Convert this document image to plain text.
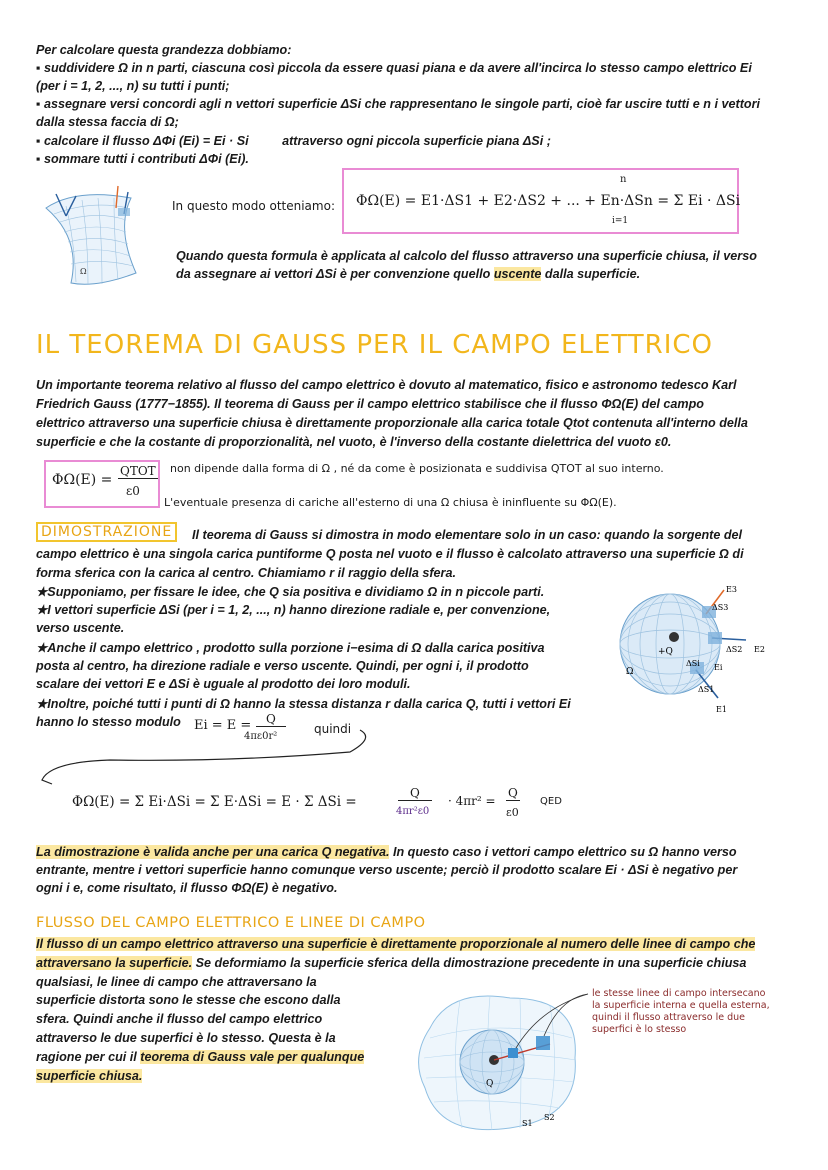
Per calcolare questa grandezza dobbiamo:
▪ suddividere Ω in n parti, ciascuna così piccola da essere quasi piana e da avere all'incirca lo stesso campo elettrico Ei
(per i = 1, 2, ..., n) su tutti i punti;
▪ assegnare versi concordi agli n vettori superficie ΔSi che rappresentano le singole parti, cioè far uscire tutti e n i vettori
dalla stessa faccia di Ω;
▪ calcolare il flusso ΔΦi (Ei) = Ei · Si	attraverso ogni piccola superficie piana ΔSi ;
▪ sommare tutti i contributi ΔΦi (Ei).
Ω
In questo modo otteniamo: ΦΩ(E) = E1·ΔS1 + E2·ΔS2 + ... + En·ΔSn = Σ Ei · ΔSi
n
i=1
Quando questa formula è applicata al calcolo del flusso attraverso una superficie chiusa, il verso
da assegnare ai vettori ΔSi è per convenzione quello uscente dalla superficie.
IL TEOREMA DI GAUSS PER IL CAMPO ELETTRICO
Un importante teorema relativo al flusso del campo elettrico è dovuto al matematico, fisico e astronomo tedesco Karl
Friedrich Gauss (1777−1855). Il teorema di Gauss per il campo elettrico stabilisce che il flusso ΦΩ(E) del campo
elettrico attraverso una superficie chiusa è direttamente proporzionale alla carica totale Qtot contenuta all'interno della
superficie e che la costante di proporzionalità, nel vuoto, è l'inverso della costante dielettrica del vuoto ε0.
ΦΩ(E) =
QTOT
ε0
non dipende dalla forma di Ω , né da come è posizionata e suddivisa QTOT al suo interno.
L'eventuale presenza di cariche all'esterno di una Ω chiusa è ininfluente su ΦΩ(E).
DIMOSTRAZIONE	Il teorema di Gauss si dimostra in modo elementare solo in un caso: quando la sorgente del
campo elettrico è una singola carica puntiforme Q posta nel vuoto e il flusso è calcolato attraverso una superficie Ω di
forma sferica con la carica al centro. Chiamiamo r il raggio della sfera.
★Supponiamo, per fissare le idee, che Q sia positiva e dividiamo Ω in n piccole parti.
★I vettori superficie ΔSi (per i = 1, 2, ..., n) hanno direzione radiale e, per convenzione,
verso uscente.
★Anche il campo elettrico , prodotto sulla porzione i−esima di Ω dalla carica positiva
posta al centro, ha direzione radiale e verso uscente. Quindi, per ogni i, il prodotto
scalare dei vettori E e ΔSi è uguale al prodotto dei loro moduli.
★Inoltre, poiché tutti i punti di Ω hanno la stessa distanza r dalla carica Q, tutti i vettori Ei
hanno lo stesso modulo Ei = E =	Q
4πε0r²
quindi
+Q
Ω
E3
ΔS3
E2
ΔS2
ΔSi Ei
ΔS1
E1
ΦΩ(E) = Σ Ei·ΔSi = Σ E·ΔSi = E · Σ ΔSi =
Q
4πr²ε0
· 4πr² =
Q
ε0
QED
La dimostrazione è valida anche per una carica Q negativa. In questo caso i vettori campo elettrico su Ω hanno verso
entrante, mentre i vettori superficie hanno comunque verso uscente; perciò il prodotto scalare Ei · ΔSi è negativo per
ogni i e, come risultato, il flusso ΦΩ(E) è negativo.
FLUSSO DEL CAMPO ELETTRICO E LINEE DI CAMPO
Il flusso di un campo elettrico attraverso una superficie è direttamente proporzionale al numero delle linee di campo che
attraversano la superficie. Se deformiamo la superficie sferica della dimostrazione precedente in una superficie chiusa
qualsiasi, le linee di campo che attraversano la
superficie distorta sono le stesse che escono dalla
sfera. Quindi anche il flusso del campo elettrico
attraverso le due superfici è lo stesso. Questa è la
ragione per cui il teorema di Gauss vale per qualunque
superficie chiusa.
Q
S1
S2
le stesse linee di campo intersecano
la superficie interna e quella esterna,
quindi il flusso attraverso le due
superfici è lo stesso
